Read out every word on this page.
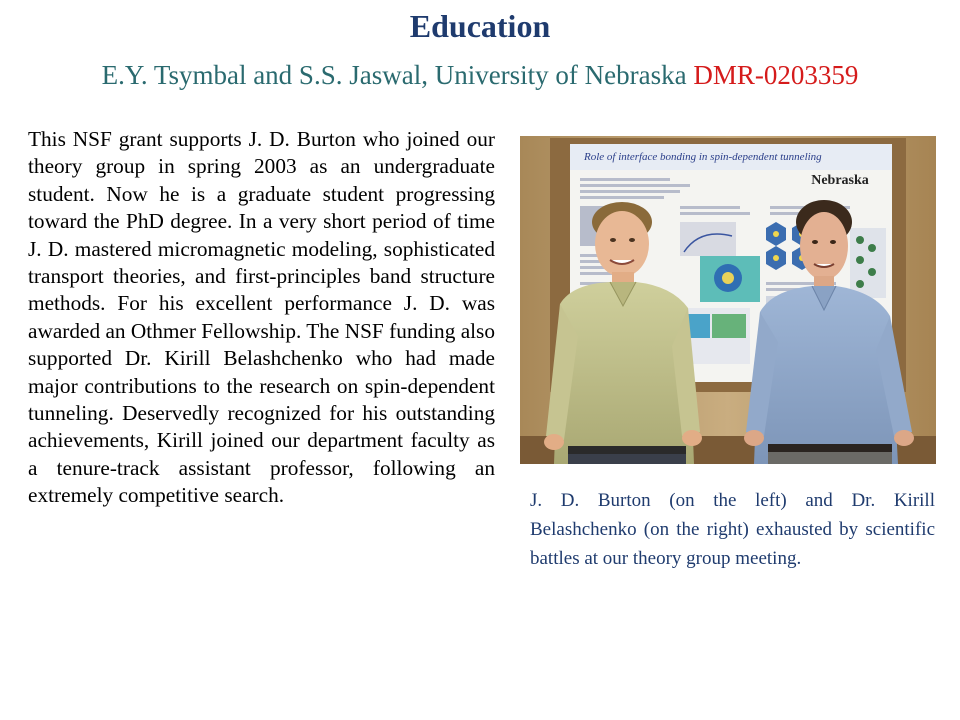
Education
E.Y. Tsymbal and S.S. Jaswal, University of Nebraska DMR-0203359
This NSF grant supports J. D. Burton who joined our theory group in spring 2003 as an undergraduate student. Now he is a graduate student progressing toward the PhD degree. In a very short period of time J. D. mastered micromagnetic modeling, sophisticated transport theories, and first-principles band structure methods. For his excellent performance J. D. was awarded an Othmer Fellowship. The NSF funding also supported Dr. Kirill Belashchenko who had made major contributions to the research on spin-dependent tunneling. Deservedly recognized for his outstanding achievements, Kirill joined our department faculty as a tenure-track assistant professor, following an extremely competitive search.
Role of interface bonding in spin-dependent tunneling
Nebraska
J. D. Burton (on the left) and Dr. Kirill Belashchenko (on the right) exhausted by scientific battles at our theory group meeting.
